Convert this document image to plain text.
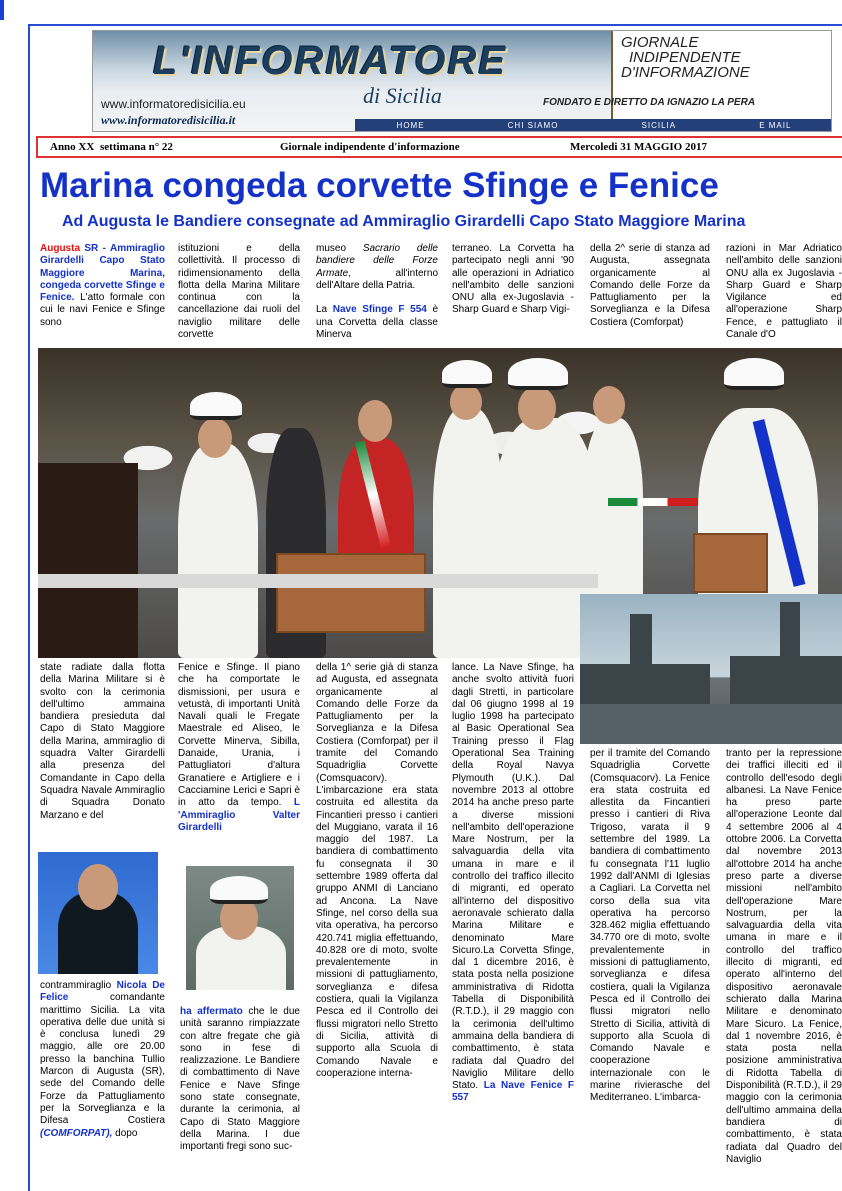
L'INFORMATORE
di Sicilia
www.informatoredisicilia.eu
www.informatoredisicilia.it
GIORNALE
INDIPENDENTE
D'INFORMAZIONE
FONDATO E DIRETTO DA IGNAZIO LA PERA
HOME	CHI SIAMO	SICILIA	E MAIL
Anno XX settimana n° 22	Giornale indipendente d'informazione	Mercoledi 31 MAGGIO 2017
Marina congeda corvette Sfinge e Fenice
Ad Augusta le Bandiere consegnate ad Ammiraglio Girardelli Capo Stato Maggiore Marina
Augusta SR - Ammiraglio Girardelli Capo Stato Maggiore Marina, congeda corvette Sfinge e Fenice. L'atto formale con cui le navi Fenice e Sfinge sono
istituzioni e della collettività. Il processo di ridimensionamento della flotta della Marina Militare continua con la cancellazione dai ruoli del naviglio militare delle corvette
museo Sacrario delle bandiere delle Forze Armate, all'interno dell'Altare della Patria.

La Nave Sfinge F 554 è una Corvetta della classe Minerva
terraneo. La Corvetta ha partecipato negli anni '90 alle operazioni in Adriatico nell'ambito delle sanzioni ONU alla ex-Jugoslavia - Sharp Guard e Sharp Vigi-
della 2^ serie di stanza ad Augusta, assegnata organicamente al Comando delle Forze da Pattugliamento per la Sorveglianza e la Difesa Costiera (Comforpat)
razioni in Mar Adriatico nell'ambito delle sanzioni ONU alla ex Jugoslavia - Sharp Guard e Sharp Vigilance ed all'operazione Sharp Fence, e pattugliato il Canale d'O
state radiate dalla flotta della Marina Militare si è svolto con la cerimonia dell'ultimo ammaina bandiera presieduta dal Capo di Stato Maggiore della Marina, ammiraglio di squadra Valter Girardelli alla presenza del Comandante in Capo della Squadra Navale Ammiraglio di Squadra Donato Marzano e del
contrammiraglio Nicola De Felice comandante marittimo Sicilia. La vita operativa delle due unità si è conclusa lunedì 29 maggio, alle ore 20.00 presso la banchina Tullio Marcon di Augusta (SR), sede del Comando delle Forze da Pattugliamento per la Sorveglianza e la Difesa Costiera (COMFORPAT), dopo
Fenice e Sfinge. Il piano che ha comportate le dismissioni, per usura e vetustà, di importanti Unità Navali quali le Fregate Maestrale ed Aliseo, le Corvette Minerva, Sibilla, Danaide, Urania, i Pattugliatori d'altura Granatiere e Artigliere e i Cacciamine Lerici e Sapri è in atto da tempo. L 'Ammiraglio Valter Girardelli
ha affermato che le due unità saranno rimpiazzate con altre fregate che già sono in fese di realizzazione. Le Bandiere di combattimento di Nave Fenice e Nave Sfinge sono state consegnate, durante la cerimonia, al Capo di Stato Maggiore della Marina. I due importanti fregi sono suc-
della 1^ serie già di stanza ad Augusta, ed assegnata organicamente al Comando delle Forze da Pattugliamento per la Sorveglianza e la Difesa Costiera (Comforpat) per il tramite del Comando Squadriglia Corvette (Comsquacorv). L'imbarcazione era stata costruita ed allestita da Fincantieri presso i cantieri del Muggiano, varata il 16 maggio del 1987. La bandiera di combattimento fu consegnata il 30 settembre 1989 offerta dal gruppo ANMI di Lanciano ad Ancona. La Nave Sfinge, nel corso della sua vita operativa, ha percorso 420.741 miglia effettuando, 40.828 ore di moto, svolte prevalentemente in missioni di pattugliamento, sorveglianza e difesa costiera, quali la Vigilanza Pesca ed il Controllo dei flussi migratori nello Stretto di Sicilia, attività di supporto alla Scuola di Comando Navale e cooperazione interna-
lance. La Nave Sfinge, ha anche svolto attività fuori dagli Stretti, in particolare dal 06 giugno 1998 al 19 luglio 1998 ha partecipato al Basic Operational Sea Training presso il Flag Operational Sea Training della Royal Navya Plymouth (U.K.). Dal novembre 2013 al ottobre 2014 ha anche preso parte a diverse missioni nell'ambito dell'operazione Mare Nostrum, per la salvaguardia della vita umana in mare e il controllo del traffico illecito di migranti, ed operato all'interno del dispositivo aeronavale schierato dalla Marina Militare e denominato Mare Sicuro.La Corvetta Sfinge, dal 1 dicembre 2016, è stata posta nella posizione amministrativa di Ridotta Tabella di Disponibilità (R.T.D.), il 29 maggio con la cerimonia dell'ultimo ammaina della bandiera di combattimento, è stata radiata dal Quadro del Naviglio Militare dello Stato. La Nave Fenice F 557
per il tramite del Comando Squadriglia Corvette (Comsquacorv). La Fenice era stata costruita ed allestita da Fincantieri presso i cantieri di Riva Trigoso, varata il 9 settembre del 1989. La bandiera di combattimento fu consegnata l'11 luglio 1992 dall'ANMI di Iglesias a Cagliari. La Corvetta nel corso della sua vita operativa ha percorso 328.462 miglia effettuando 34.770 ore di moto, svolte prevalentemente in missioni di pattugliamento, sorveglianza e difesa costiera, quali la Vigilanza Pesca ed il Controllo dei flussi migratori nello Stretto di Sicilia, attività di supporto alla Scuola di Comando Navale e cooperazione internazionale con le marine rivierasche del Mediterraneo. L'imbarca-
tranto per la repressione dei traffici illeciti ed il controllo dell'esodo degli albanesi. La Nave Fenice ha preso parte all'operazione Leonte dal 4 settembre 2006 al 4 ottobre 2006. La Corvetta dal novembre 2013 all'ottobre 2014 ha anche preso parte a diverse missioni nell'ambito dell'operazione Mare Nostrum, per la salvaguardia della vita umana in mare e il controllo del traffico illecito di migranti, ed operato all'interno del dispositivo aeronavale schierato dalla Marina Militare e denominato Mare Sicuro. La Fenice, dal 1 novembre 2016, è stata posta nella posizione amministrativa di Ridotta Tabella di Disponibilità (R.T.D.), il 29 maggio con la cerimonia dell'ultimo ammaina della bandiera di combattimento, è stata radiata dal Quadro del Naviglio
